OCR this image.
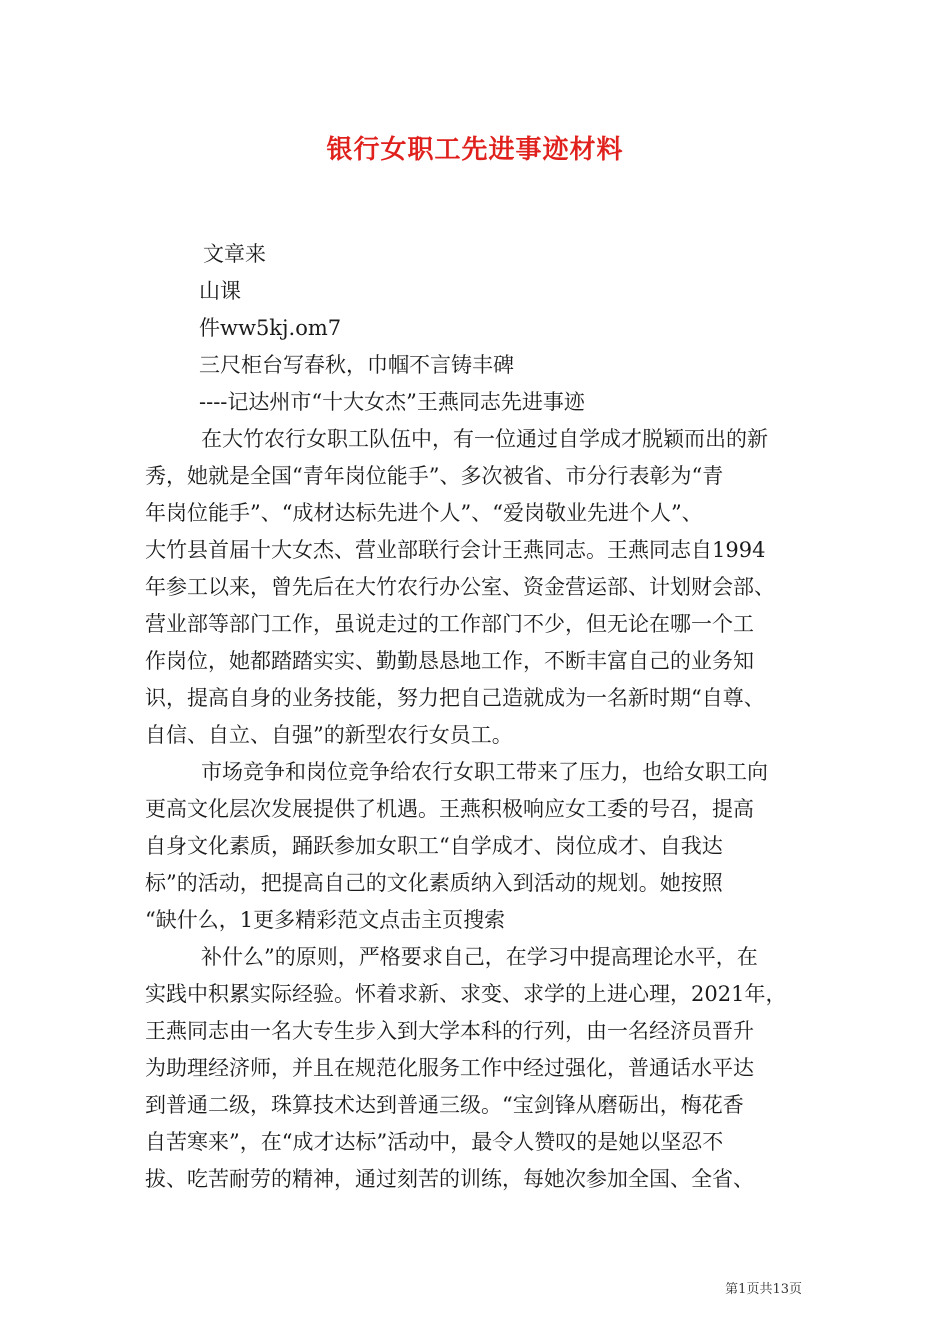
银行女职工先进事迹材料
文章来
山课
件ww5kj.om7
三尺柜台写春秋，巾帼不言铸丰碑
----记达州市“十大女杰”王燕同志先进事迹
在大竹农行女职工队伍中，有一位通过自学成才脱颖而出的新
秀，她就是全国“青年岗位能手”、多次被省、市分行表彰为“青
年岗位能手”、“成材达标先进个人”、“爱岗敬业先进个人”、
大竹县首届十大女杰、营业部联行会计王燕同志。王燕同志自1994
年参工以来，曾先后在大竹农行办公室、资金营运部、计划财会部、
营业部等部门工作，虽说走过的工作部门不少，但无论在哪一个工
作岗位，她都踏踏实实、勤勤恳恳地工作，不断丰富自己的业务知
识，提高自身的业务技能，努力把自己造就成为一名新时期“自尊、
自信、自立、自强”的新型农行女员工。
市场竞争和岗位竞争给农行女职工带来了压力，也给女职工向
更高文化层次发展提供了机遇。王燕积极响应女工委的号召，提高
自身文化素质，踊跃参加女职工“自学成才、岗位成才、自我达
标”的活动，把提高自己的文化素质纳入到活动的规划。她按照
“缺什么，1更多精彩范文点击主页搜索
补什么”的原则，严格要求自己，在学习中提高理论水平，在
实践中积累实际经验。怀着求新、求变、求学的上进心理，2021年，
王燕同志由一名大专生步入到大学本科的行列，由一名经济员晋升
为助理经济师，并且在规范化服务工作中经过强化，普通话水平达
到普通二级，珠算技术达到普通三级。“宝剑锋从磨砺出，梅花香
自苦寒来”，在“成才达标”活动中，最令人赞叹的是她以坚忍不
拔、吃苦耐劳的精神，通过刻苦的训练，每她次参加全国、全省、
第1页共13页
